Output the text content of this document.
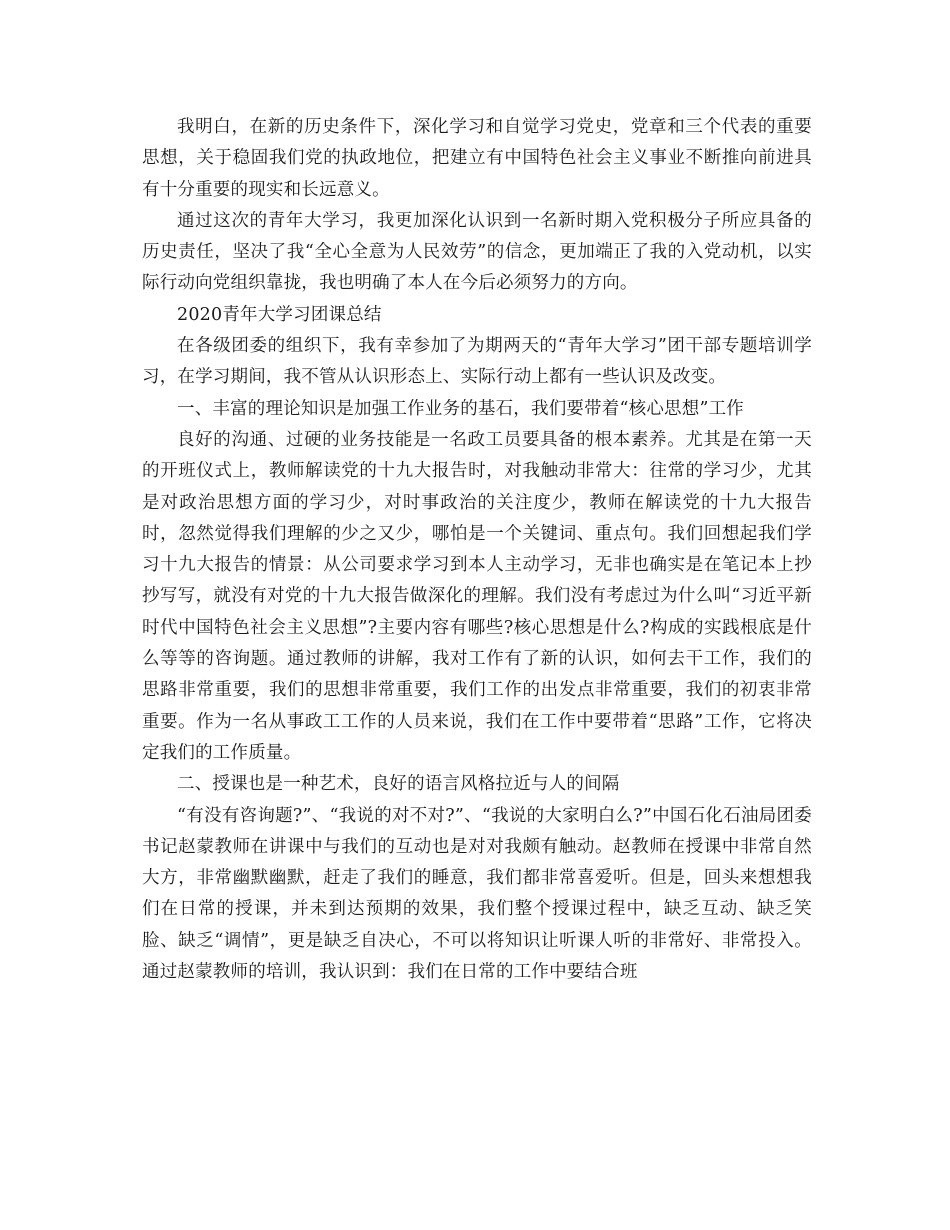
我明白，在新的历史条件下，深化学习和自觉学习党史，党章和三个代表的重要思想，关于稳固我们党的执政地位，把建立有中国特色社会主义事业不断推向前进具有十分重要的现实和长远意义。

通过这次的青年大学习，我更加深化认识到一名新时期入党积极分子所应具备的历史责任，坚决了我“全心全意为人民效劳”的信念，更加端正了我的入党动机，以实际行动向党组织靠拢，我也明确了本人在今后必须努力的方向。

2020青年大学习团课总结

在各级团委的组织下，我有幸参加了为期两天的“青年大学习”团干部专题培训学习，在学习期间，我不管从认识形态上、实际行动上都有一些认识及改变。

一、丰富的理论知识是加强工作业务的基石，我们要带着“核心思想”工作

良好的沟通、过硬的业务技能是一名政工员要具备的根本素养。尤其是在第一天的开班仪式上，教师解读党的十九大报告时，对我触动非常大：往常的学习少，尤其是对政治思想方面的学习少，对时事政治的关注度少，教师在解读党的十九大报告时，忽然觉得我们理解的少之又少，哪怕是一个关键词、重点句。我们回想起我们学习十九大报告的情景：从公司要求学习到本人主动学习，无非也确实是在笔记本上抄抄写写，就没有对党的十九大报告做深化的理解。我们没有考虑过为什么叫“习近平新时代中国特色社会主义思想”?主要内容有哪些?核心思想是什么?构成的实践根底是什么等等的咨询题。通过教师的讲解，我对工作有了新的认识，如何去干工作，我们的思路非常重要，我们的思想非常重要，我们工作的出发点非常重要，我们的初衷非常重要。作为一名从事政工工作的人员来说，我们在工作中要带着“思路”工作，它将决定我们的工作质量。

二、授课也是一种艺术，良好的语言风格拉近与人的间隔

“有没有咨询题?”、“我说的对不对?”、“我说的大家明白么?”中国石化石油局团委书记赵蒙教师在讲课中与我们的互动也是对对我颇有触动。赵教师在授课中非常自然大方，非常幽默幽默，赶走了我们的睡意，我们都非常喜爱听。但是，回头来想想我们在日常的授课，并未到达预期的效果，我们整个授课过程中，缺乏互动、缺乏笑脸、缺乏“调情”，更是缺乏自决心，不可以将知识让听课人听的非常好、非常投入。通过赵蒙教师的培训，我认识到：我们在日常的工作中要结合班
